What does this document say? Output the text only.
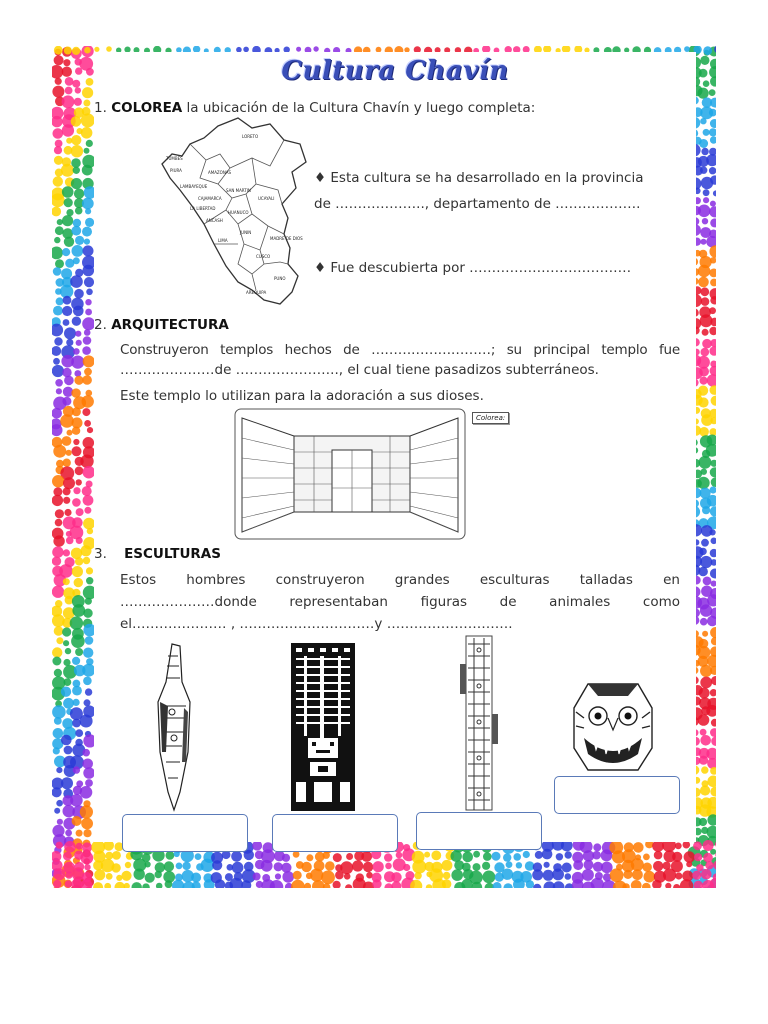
Cultura Chavín
1. COLOREA la ubicación de la Cultura Chavín y luego completa:
LORETO
TUMBES
PIURA
LAMBAYEQUE
CAJAMARCA
AMAZONAS
SAN MARTIN
LA LIBERTAD
ANCASH
HUANUCO
UCAYALI
LIMA
JUNIN
CUSCO
MADRE DE DIOS
PUNO
AREQUIPA
♦ Esta cultura se ha desarrollado en la provincia
de ……………….., departamento de ……………….
♦ Fue descubierta por ………………………………
2. ARQUITECTURA
Construyeron templos hechos de ………………………; su principal templo fue
…………………de ………………….., el cual tiene pasadizos subterráneos.
Este templo lo utilizan para la adoración a sus dioses.
Colorea:
3. ESCULTURAS
Estos hombres construyeron grandes esculturas talladas en
…………………donde representaban figuras de animales como
el………………… , …………………………y ……………………….
